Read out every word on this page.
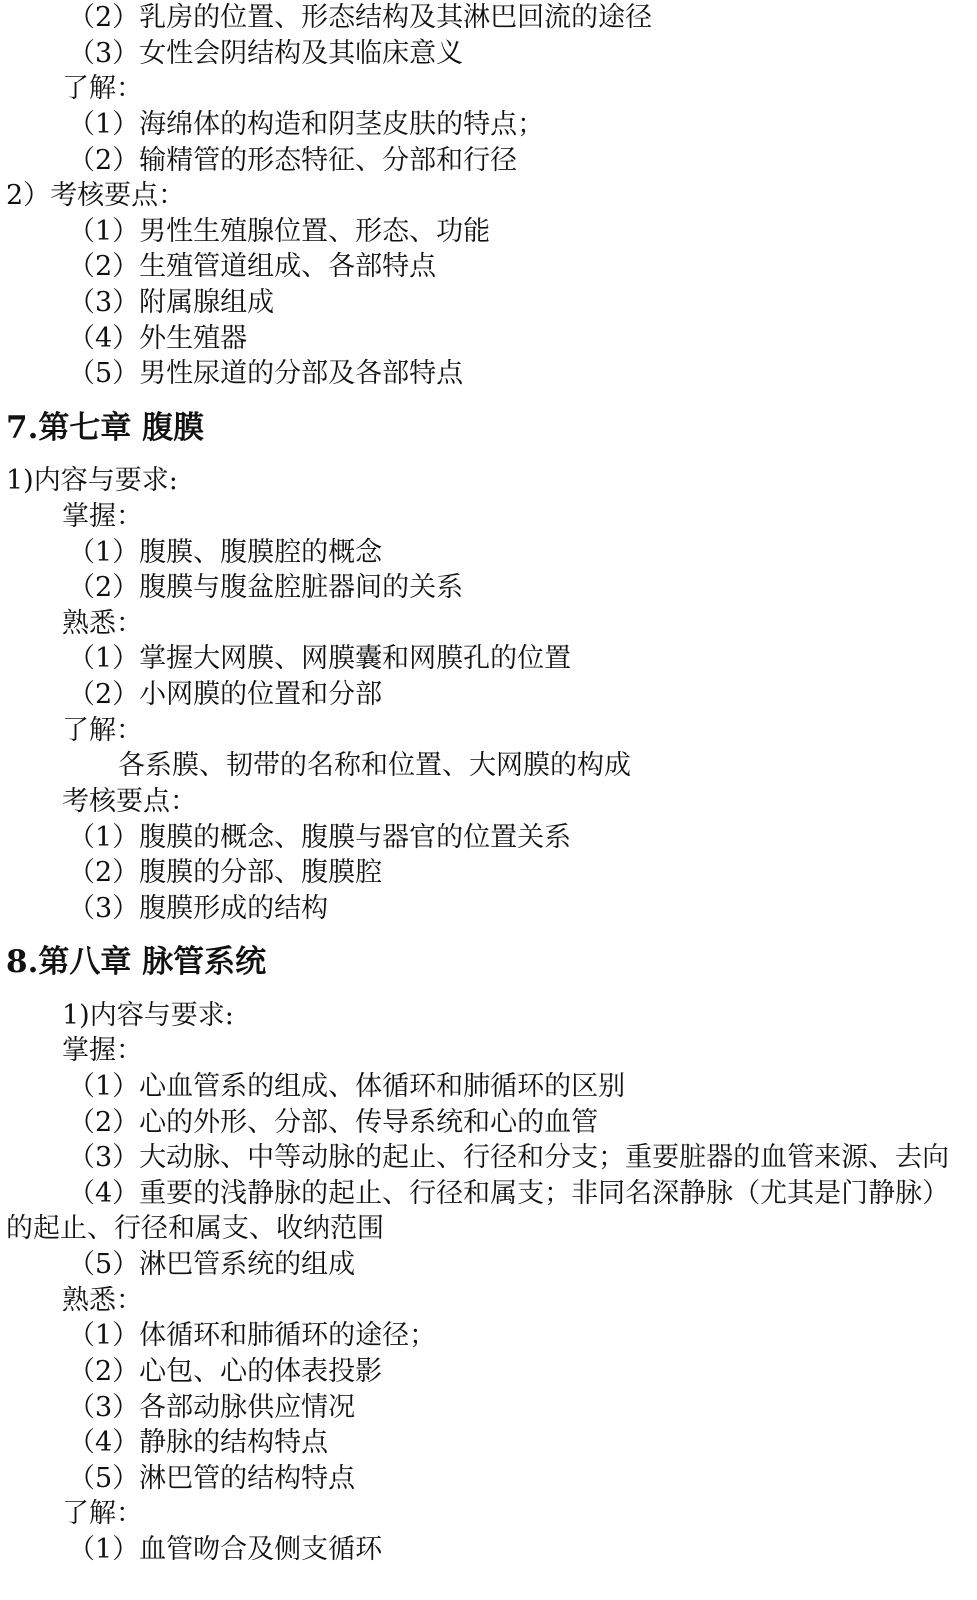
（2）乳房的位置、形态结构及其淋巴回流的途径
（3）女性会阴结构及其临床意义
了解：
（1）海绵体的构造和阴茎皮肤的特点；
（2）输精管的形态特征、分部和行径
2）考核要点：
（1）男性生殖腺位置、形态、功能
（2）生殖管道组成、各部特点
（3）附属腺组成
（4）外生殖器
（5）男性尿道的分部及各部特点
7.第七章 腹膜
1)内容与要求:
掌握：
（1）腹膜、腹膜腔的概念
（2）腹膜与腹盆腔脏器间的关系
熟悉：
（1）掌握大网膜、网膜囊和网膜孔的位置
（2）小网膜的位置和分部
了解：
各系膜、韧带的名称和位置、大网膜的构成
考核要点：
（1）腹膜的概念、腹膜与器官的位置关系
（2）腹膜的分部、腹膜腔
（3）腹膜形成的结构
8.第八章 脉管系统
1)内容与要求:
掌握：
（1）心血管系的组成、体循环和肺循环的区别
（2）心的外形、分部、传导系统和心的血管
（3）大动脉、中等动脉的起止、行径和分支；重要脏器的血管来源、去向
（4）重要的浅静脉的起止、行径和属支；非同名深静脉（尤其是门静脉）
的起止、行径和属支、收纳范围
（5）淋巴管系统的组成
熟悉：
（1）体循环和肺循环的途径；
（2）心包、心的体表投影
（3）各部动脉供应情况
（4）静脉的结构特点
（5）淋巴管的结构特点
了解：
（1）血管吻合及侧支循环
